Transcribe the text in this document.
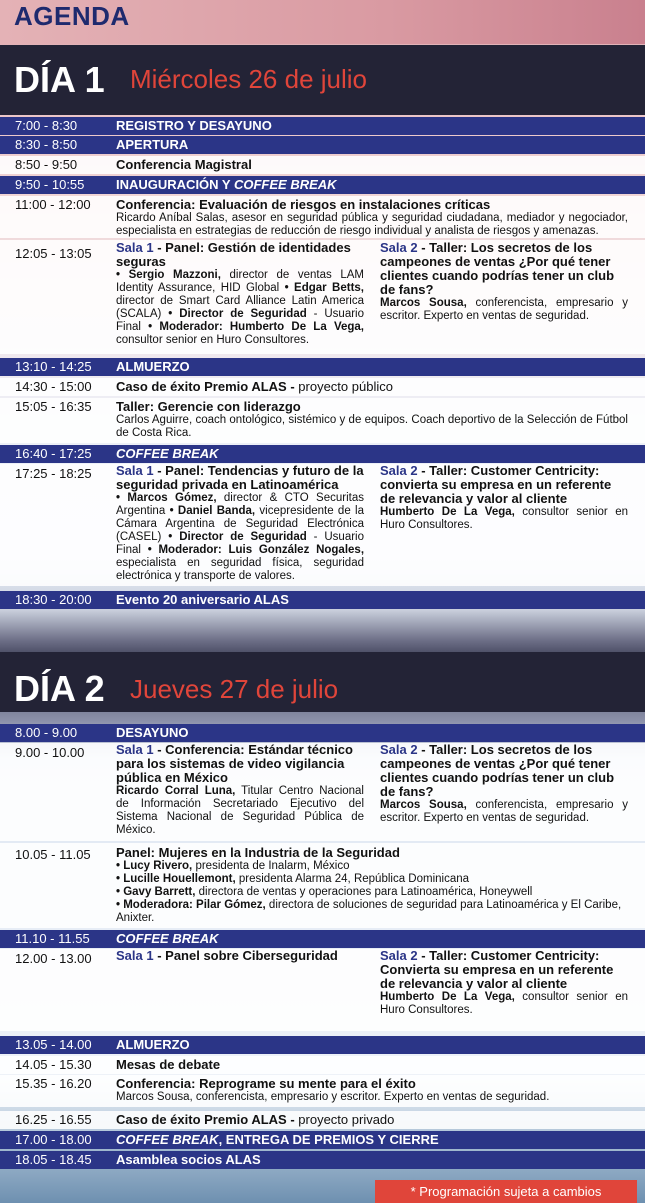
AGENDA
DÍA 1 Miércoles 26 de julio
7:00 - 8:30	REGISTRO Y DESAYUNO
8:30 - 8:50	APERTURA
8:50 - 9:50	Conferencia Magistral
9:50 - 10:55 INAUGURACIÓN Y COFFEE BREAK
11:00 - 12:00 Conferencia: Evaluación de riesgos en instalaciones críticas
Ricardo Aníbal Salas, asesor en seguridad pública y seguridad ciudadana, mediador y negociador, especialista en estrategias de reducción de riesgo individual y analista de riesgos y amenazas.
12:05 - 13:05 Sala 1 - Panel: Gestión de identidades seguras
• Sergio Mazzoni, director de ventas LAM Identity Assurance, HID Global • Edgar Betts, director de Smart Card Alliance Latin America (SCALA) • Director de Seguridad - Usuario Final • Moderador: Humberto De La Vega, consultor senior en Huro Consultores.
Sala 2 - Taller: Los secretos de los campeones de ventas ¿Por qué tener clientes cuando podrías tener un club de fans?
Marcos Sousa, conferencista, empresario y escritor. Experto en ventas de seguridad.
13:10 - 14:25 ALMUERZO
14:30 - 15:00 Caso de éxito Premio ALAS - proyecto público
15:05 - 16:35 Taller: Gerencie con liderazgo
Carlos Aguirre, coach ontológico, sistémico y de equipos. Coach deportivo de la Selección de Fútbol de Costa Rica.
16:40 - 17:25 COFFEE BREAK
17:25 - 18:25 Sala 1 - Panel: Tendencias y futuro de la seguridad privada en Latinoamérica
• Marcos Gómez, director & CTO Securitas Argentina • Daniel Banda, vicepresidente de la Cámara Argentina de Seguridad Electrónica (CASEL) • Director de Seguridad - Usuario Final • Moderador: Luis González Nogales, especialista en seguridad física, seguridad electrónica y transporte de valores.
Sala 2 - Taller: Customer Centricity: convierta su empresa en un referente de relevancia y valor al cliente
Humberto De La Vega, consultor senior en Huro Consultores.
18:30 - 20:00 Evento 20 aniversario ALAS
DÍA 2 Jueves 27 de julio
8.00 - 9.00	DESAYUNO
9.00 - 10.00 Sala 1 - Conferencia: Estándar técnico para los sistemas de video vigilancia pública en México
Ricardo Corral Luna, Titular Centro Nacional de Información Secretariado Ejecutivo del Sistema Nacional de Seguridad Pública de México.
Sala 2 - Taller: Los secretos de los campeones de ventas ¿Por qué tener clientes cuando podrías tener un club de fans?
Marcos Sousa, conferencista, empresario y escritor. Experto en ventas de seguridad.
10.05 - 11.05 Panel: Mujeres en la Industria de la Seguridad
• Lucy Rivero, presidenta de Inalarm, México
• Lucille Houellemont, presidenta Alarma 24, República Dominicana
• Gavy Barrett, directora de ventas y operaciones para Latinoamérica, Honeywell
• Moderadora: Pilar Gómez, directora de soluciones de seguridad para Latinoamérica y El Caribe, Anixter.
11.10 - 11.55 COFFEE BREAK
12.00 - 13.00 Sala 1 - Panel sobre Ciberseguridad	Sala 2 - Taller: Customer Centricity: Convierta su empresa en un referente de relevancia y valor al cliente
Humberto De La Vega, consultor senior en Huro Consultores.
13.05 - 14.00 ALMUERZO
14.05 - 15.30 Mesas de debate
15.35 - 16.20 Conferencia: Reprograme su mente para el éxito
Marcos Sousa, conferencista, empresario y escritor. Experto en ventas de seguridad.
16.25 - 16.55 Caso de éxito Premio ALAS - proyecto privado
17.00 - 18.00 COFFEE BREAK, ENTREGA DE PREMIOS Y CIERRE
18.05 - 18.45 Asamblea socios ALAS
* Programación sujeta a cambios
